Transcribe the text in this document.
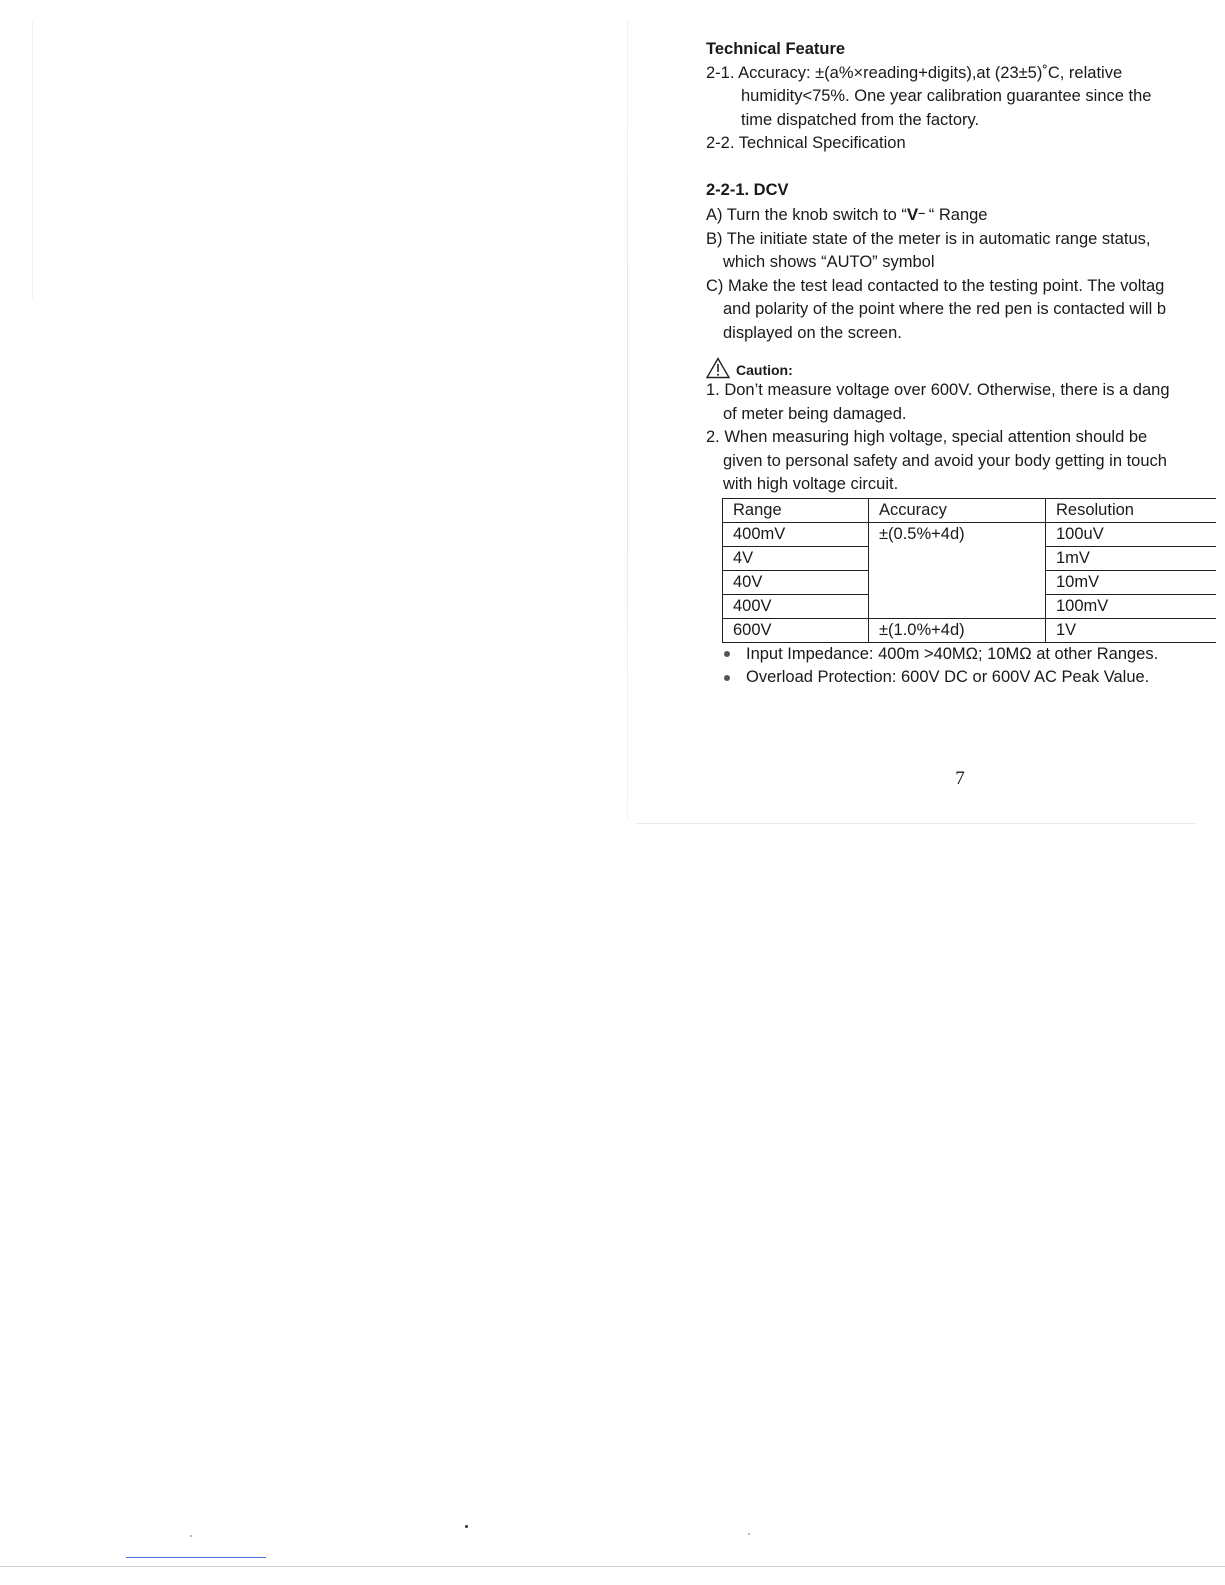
Technical Feature

2-1. Accuracy: ±(a%×reading+digits),at (23±5)˚C, relative

humidity<75%. One year calibration guarantee since the

time dispatched from the factory.

2-2. Technical Specification

2-2-1. DCV

A) Turn the knob switch to “V--- “ Range

B) The initiate state of the meter is in automatic range status,

which shows “AUTO” symbol

C) Make the test lead contacted to the testing point. The voltag

and polarity of the point where the red pen is contacted will b

displayed on the screen.

Caution:

1. Don’t measure voltage over 600V. Otherwise, there is a dang

of meter being damaged.

2. When measuring high voltage, special attention should be

given to personal safety and avoid your body getting in touch

with high voltage circuit.

Range	Accuracy	Resolution
400mV	±(0.5%+4d)	100uV
4V		1mV
40V		10mV
400V		100mV
600V	±(1.0%+4d)	1V

Input Impedance: 400m >40MΩ; 10MΩ at other Ranges.

Overload Protection: 600V DC or 600V AC Peak Value.

7
